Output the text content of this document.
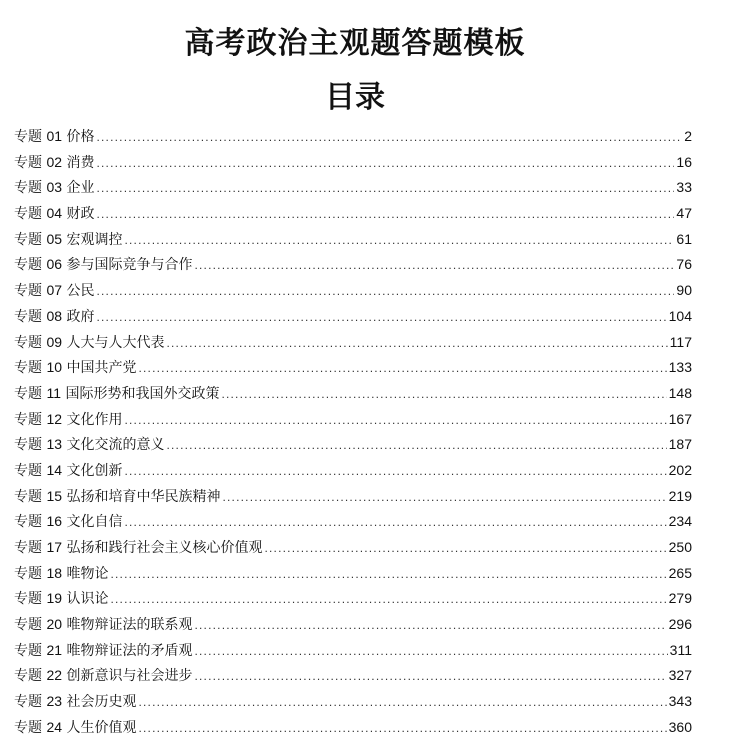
高考政治主观题答题模板
目录
专题 01 价格 .....	2
专题 02 消费 .....	16
专题 03 企业 .....	33
专题 04 财政 .....	47
专题 05 宏观调控 .....	61
专题 06 参与国际竞争与合作 .....	76
专题 07 公民 .....	90
专题 08 政府 .....	104
专题 09 人大与人大代表 .....	117
专题 10 中国共产党 .....	133
专题 11 国际形势和我国外交政策 .....	148
专题 12 文化作用 .....	167
专题 13 文化交流的意义 .....	187
专题 14 文化创新 .....	202
专题 15 弘扬和培育中华民族精神 .....	219
专题 16 文化自信 .....	234
专题 17 弘扬和践行社会主义核心价值观 .....	250
专题 18 唯物论 .....	265
专题 19 认识论 .....	279
专题 20 唯物辩证法的联系观 .....	296
专题 21 唯物辩证法的矛盾观 .....	311
专题 22 创新意识与社会进步 .....	327
专题 23 社会历史观 .....	343
专题 24 人生价值观 .....	360
